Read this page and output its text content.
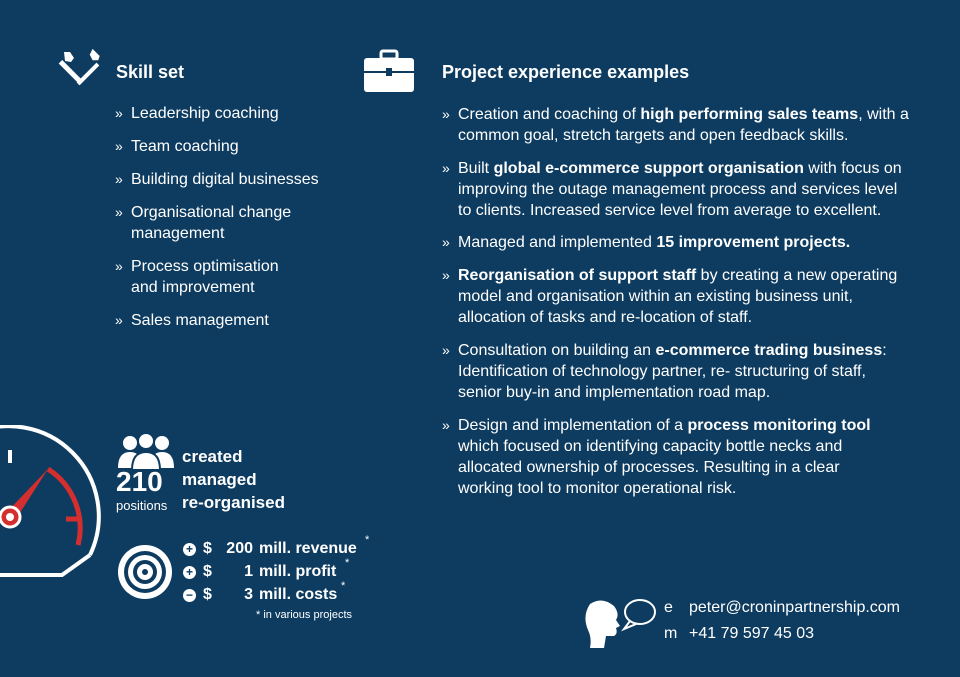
Skill set
» Leadership coaching
» Team coaching
» Building digital businesses
» Organisational change
management
» Process optimisation
and improvement
» Sales management
Project experience examples
» Creation and coaching of high performing sales teams, with a
common goal, stretch targets and open feedback skills.
» Built global e-commerce support organisation with focus on
improving the outage management process and services level
to clients. Increased service level from average to excellent.
» Managed and implemented 15 improvement projects.
» Reorganisation of support staff by creating a new operating
model and organisation within an existing business unit,
allocation of tasks and re-location of staff.
» Consultation on building an e-commerce trading business:
Identification of technology partner, re- structuring of staff,
senior buy-in and implementation road map.
» Design and implementation of a process monitoring tool
which focused on identifying capacity bottle necks and
allocated ownership of processes. Resulting in a clear
working tool to monitor operational risk.
210
positions
created
managed
re-organised
+ $ 200 mill. revenue *
+ $	1 mill. profit *
− $	3 mill. costs *
* in various projects	e peter@croninpartnership.com
m +41 79 597 45 03
